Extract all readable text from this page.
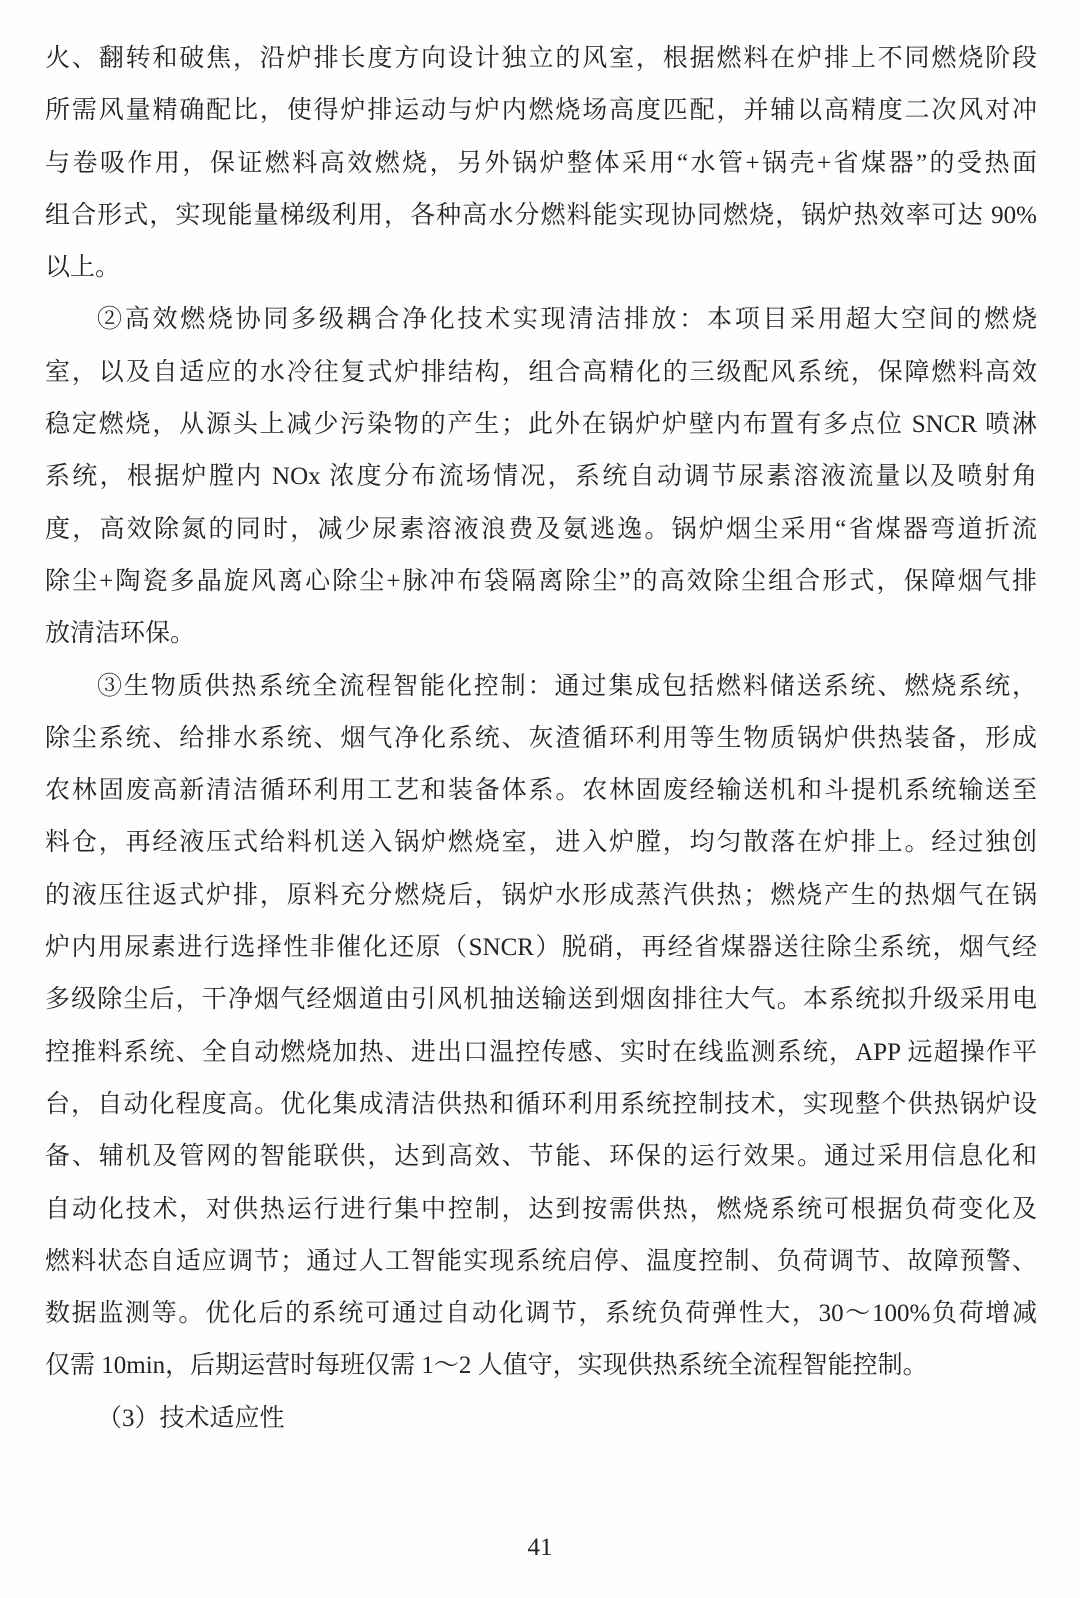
火、翻转和破焦，沿炉排长度方向设计独立的风室，根据燃料在炉排上不同燃烧阶段
所需风量精确配比，使得炉排运动与炉内燃烧场高度匹配，并辅以高精度二次风对冲
与卷吸作用，保证燃料高效燃烧，另外锅炉整体采用“水管+锅壳+省煤器”的受热面
组合形式，实现能量梯级利用，各种高水分燃料能实现协同燃烧，锅炉热效率可达 90%
以上。
②高效燃烧协同多级耦合净化技术实现清洁排放：本项目采用超大空间的燃烧
室，以及自适应的水冷往复式炉排结构，组合高精化的三级配风系统，保障燃料高效
稳定燃烧，从源头上减少污染物的产生；此外在锅炉炉壁内布置有多点位 SNCR 喷淋
系统，根据炉膛内 NOx 浓度分布流场情况，系统自动调节尿素溶液流量以及喷射角
度，高效除氮的同时，减少尿素溶液浪费及氨逃逸。锅炉烟尘采用“省煤器弯道折流
除尘+陶瓷多晶旋风离心除尘+脉冲布袋隔离除尘”的高效除尘组合形式，保障烟气排
放清洁环保。
③生物质供热系统全流程智能化控制：通过集成包括燃料储送系统、燃烧系统，
除尘系统、给排水系统、烟气净化系统、灰渣循环利用等生物质锅炉供热装备，形成
农林固废高新清洁循环利用工艺和装备体系。农林固废经输送机和斗提机系统输送至
料仓，再经液压式给料机送入锅炉燃烧室，进入炉膛，均匀散落在炉排上。经过独创
的液压往返式炉排，原料充分燃烧后，锅炉水形成蒸汽供热；燃烧产生的热烟气在锅
炉内用尿素进行选择性非催化还原（SNCR）脱硝，再经省煤器送往除尘系统，烟气经
多级除尘后，干净烟气经烟道由引风机抽送输送到烟囱排往大气。本系统拟升级采用电
控推料系统、全自动燃烧加热、进出口温控传感、实时在线监测系统，APP 远超操作平
台，自动化程度高。优化集成清洁供热和循环利用系统控制技术，实现整个供热锅炉设
备、辅机及管网的智能联供，达到高效、节能、环保的运行效果。通过采用信息化和
自动化技术，对供热运行进行集中控制，达到按需供热，燃烧系统可根据负荷变化及
燃料状态自适应调节；通过人工智能实现系统启停、温度控制、负荷调节、故障预警、
数据监测等。优化后的系统可通过自动化调节，系统负荷弹性大，30～100%负荷增减
仅需 10min，后期运营时每班仅需 1～2 人值守，实现供热系统全流程智能控制。
（3）技术适应性
41
